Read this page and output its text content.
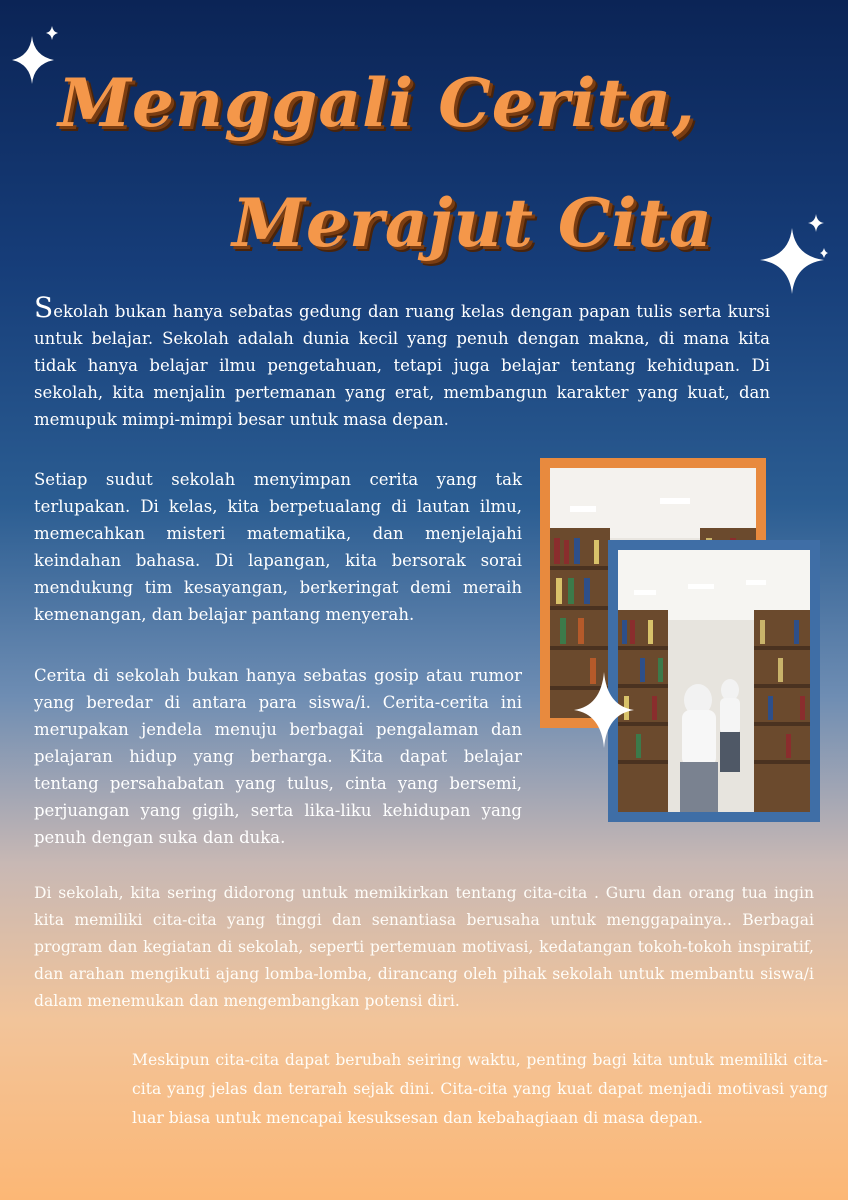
Menggali Cerita,
Merajut Cita

Sekolah bukan hanya sebatas gedung dan ruang kelas dengan papan tulis serta kursi untuk belajar. Sekolah adalah dunia kecil yang penuh dengan makna, di mana kita tidak hanya belajar ilmu pengetahuan, tetapi juga belajar tentang kehidupan. Di sekolah, kita menjalin pertemanan yang erat, membangun karakter yang kuat, dan memupuk mimpi-mimpi besar untuk masa depan.

Setiap sudut sekolah menyimpan cerita yang tak terlupakan. Di kelas, kita berpetualang di lautan ilmu, memecahkan misteri matematika, dan menjelajahi keindahan bahasa. Di lapangan, kita bersorak sorai mendukung tim kesayangan, berkeringat demi meraih kemenangan, dan belajar pantang menyerah.

Cerita di sekolah bukan hanya sebatas gosip atau rumor yang beredar di antara para siswa/i. Cerita-cerita ini merupakan jendela menuju berbagai pengalaman dan pelajaran hidup yang berharga. Kita dapat belajar tentang persahabatan yang tulus, cinta yang bersemi, perjuangan yang gigih, serta lika-liku kehidupan yang penuh dengan suka dan duka.

Di sekolah, kita sering didorong untuk memikirkan tentang cita-cita . Guru dan orang tua ingin kita memiliki cita-cita yang tinggi dan senantiasa berusaha untuk menggapainya.. Berbagai program dan kegiatan di sekolah, seperti pertemuan motivasi, kedatangan tokoh-tokoh inspiratif, dan arahan mengikuti ajang lomba-lomba, dirancang oleh pihak sekolah untuk membantu siswa/i dalam menemukan dan mengembangkan potensi diri.

Meskipun cita-cita dapat berubah seiring waktu, penting bagi kita untuk memiliki cita-cita yang jelas dan terarah sejak dini. Cita-cita yang kuat dapat menjadi motivasi yang luar biasa untuk mencapai kesuksesan dan kebahagiaan di masa depan.
